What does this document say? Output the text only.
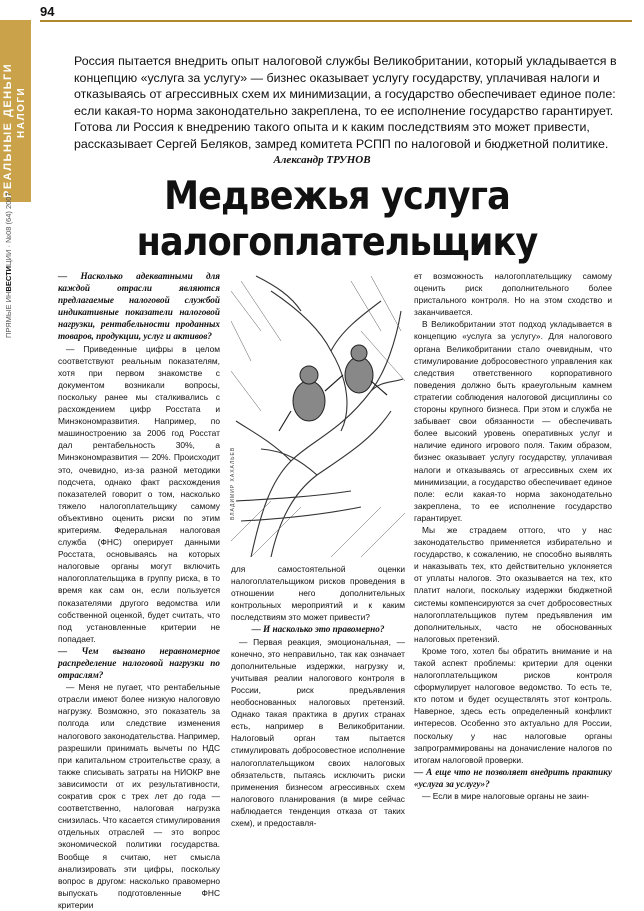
94
РЕАЛЬНЫЕ ДЕНЬГИ НАЛОГИ
ПРЯМЫЕ ИНВЕСТИЦИИ · №08 (64) 2007
Россия пытается внедрить опыт налоговой службы Великобритании, который укладывается в концепцию «услуга за услугу» — бизнес оказывает услугу государству, уплачивая налоги и отказываясь от агрессивных схем их минимизации, а государство обеспечивает единое поле: если какая-то норма законодательно закреплена, то ее исполнение государство гарантирует. Готова ли Россия к внедрению такого опыта и к каким последствиям это может привести, рассказывает Сергей Беляков, замред комитета РСПП по налоговой и бюджетной политике.
Александр ТРУНОВ
Медвежья услуга
налогоплательщику
— Насколько адекватными для каждой отрасли являются предлагаемые налоговой службой индикативные показатели налоговой нагрузки, рентабельности проданных товаров, продукции, услуг и активов?

— Приведенные цифры в целом соответствуют реальным показателям, хотя при первом знакомстве с документом возникали вопросы, поскольку ранее мы сталкивались с расхождением цифр Росстата и Минэкономразвития. Например, по машиностроению за 2006 год Росстат дал рентабельность 30%, а Минэкономразвития — 20%. Происходит это, очевидно, из-за разной методики подсчета, однако факт расхождения показателей говорит о том, насколько тяжело налогоплательщику самому объективно оценить риски по этим критериям. Федеральная налоговая служба (ФНС) оперирует данными Росстата, основываясь на которых налоговые органы могут включить налогоплательщика в группу риска, в то время как сам он, если пользуется показателями другого ведомства или собственной оценкой, будет считать, что под установленные критерии не попадает.

— Чем вызвано неравномерное распределение налоговой нагрузки по отраслям?

— Меня не пугает, что рентабельные отрасли имеют более низкую налоговую нагрузку. Возможно, это показатель за полгода или следствие изменения налогового законодательства. Например, разрешили принимать вычеты по НДС при капитальном строительстве сразу, а также списывать затраты на НИОКР вне зависимости от их результативности, сократив срок с трех лет до года — соответственно, налоговая нагрузка снизилась. Что касается стимулирования отдельных отраслей — это вопрос экономической политики государства. Вообще я считаю, нет смысла анализировать эти цифры, поскольку вопрос в другом: насколько правомерно выпускать подготовленные ФНС критерии

ВЛАДИМИР ХАХАЛЬЕВ

для самостоятельной оценки налогоплательщиком рисков проведения в отношении него дополнительных контрольных мероприятий и к каким последствиям это может привести?

— И насколько это правомерно?

— Первая реакция, эмоциональная, — конечно, это неправильно, так как означает дополнительные издержки, нагрузку и, учитывая реалии налогового контроля в России, риск предъявления необоснованных налоговых претензий. Однако такая практика в других странах есть, например в Великобритании. Налоговый орган там пытается стимулировать добросовестное исполнение налогоплательщиком своих налоговых обязательств, пытаясь исключить риски применения бизнесом агрессивных схем налогового планирования (в мире сейчас наблюдается тенденция отказа от таких схем), и предоставля-

ет возможность налогоплательщику самому оценить риск дополнительного более пристального контроля. Но на этом сходство и заканчивается.

В Великобритании этот подход укладывается в концепцию «услуга за услугу». Для налогового органа Великобритании стало очевидным, что стимулирование добросовестного управления как следствия ответственного корпоративного поведения должно быть краеугольным камнем стратегии соблюдения налоговой дисциплины со стороны крупного бизнеса. При этом и служба не забывает свои обязанности — обеспечивать более высокий уровень оперативных услуг и наличие единого игрового поля. Таким образом, бизнес оказывает услугу государству, уплачивая налоги и отказываясь от агрессивных схем их минимизации, а государство обеспечивает единое поле: если какая-то норма законодательно закреплена, то ее исполнение государство гарантирует.

Мы же страдаем оттого, что у нас законодательство применяется избирательно и государство, к сожалению, не способно выявлять и наказывать тех, кто действительно уклоняется от уплаты налогов. Это оказывается на тех, кто платит налоги, поскольку издержки бюджетной системы компенсируются за счет добросовестных налогоплательщиков путем предъявления им дополнительных, часто не обоснованных налоговых претензий.

Кроме того, хотел бы обратить внимание и на такой аспект проблемы: критерии для оценки налогоплательщиком рисков контроля сформулирует налоговое ведомство. То есть те, кто потом и будет осуществлять этот контроль. Наверное, здесь есть определенный конфликт интересов. Особенно это актуально для России, поскольку у нас налоговые органы запрограммированы на доначисление налогов по итогам налоговой проверки.

— А еще что не позволяет внедрить практику «услуга за услугу»?

— Если в мире налоговые органы не заин-
